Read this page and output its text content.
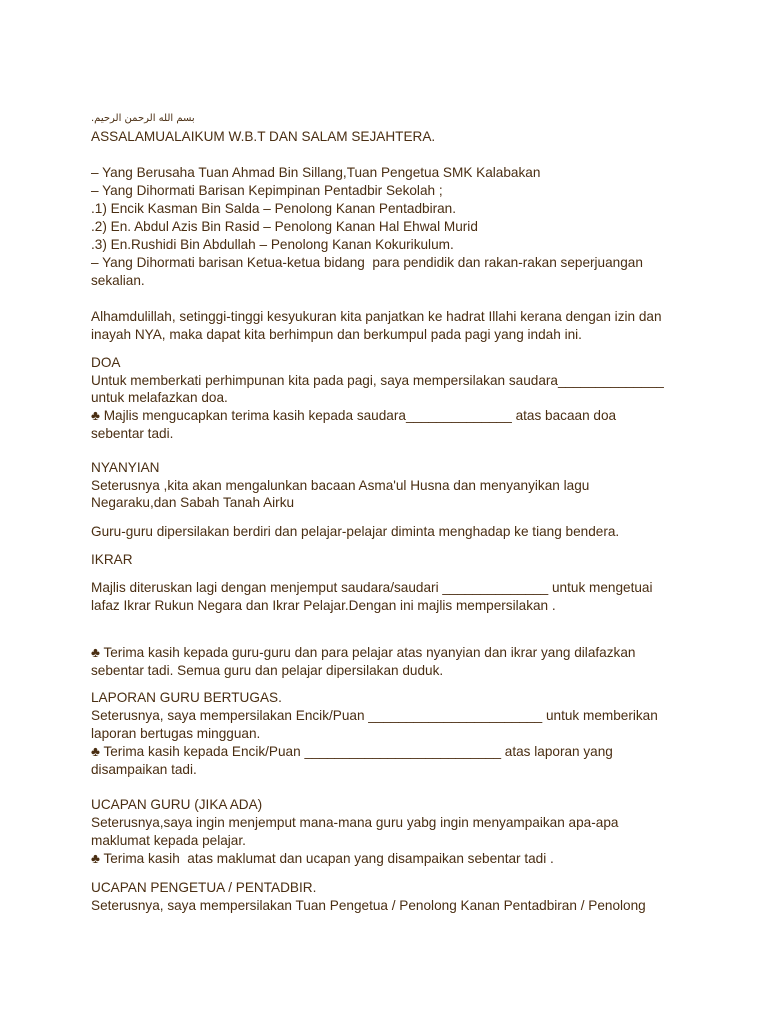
بسم الله الرحمن الرحيم.
ASSALAMUALAIKUM W.B.T DAN SALAM SEJAHTERA.
– Yang Berusaha Tuan Ahmad Bin Sillang,Tuan Pengetua SMK Kalabakan
– Yang Dihormati Barisan Kepimpinan Pentadbir Sekolah ;
.1) Encik Kasman Bin Salda – Penolong Kanan Pentadbiran.
.2) En. Abdul Azis Bin Rasid – Penolong Kanan Hal Ehwal Murid
.3) En.Rushidi Bin Abdullah – Penolong Kanan Kokurikulum.
– Yang Dihormati barisan Ketua-ketua bidang  para pendidik dan rakan-rakan seperjuangan
sekalian.
Alhamdulillah, setinggi-tinggi kesyukuran kita panjatkan ke hadrat Illahi kerana dengan izin dan
inayah NYA, maka dapat kita berhimpun dan berkumpul pada pagi yang indah ini.
DOA
Untuk memberkati perhimpunan kita pada pagi, saya mempersilakan saudara______________
untuk melafazkan doa.
♣ Majlis mengucapkan terima kasih kepada saudara______________ atas bacaan doa
sebentar tadi.
NYANYIAN
Seterusnya ,kita akan mengalunkan bacaan Asma'ul Husna dan menyanyikan lagu
Negaraku,dan Sabah Tanah Airku
Guru-guru dipersilakan berdiri dan pelajar-pelajar diminta menghadap ke tiang bendera.
IKRAR
Majlis diteruskan lagi dengan menjemput saudara/saudari ______________ untuk mengetuai
lafaz Ikrar Rukun Negara dan Ikrar Pelajar.Dengan ini majlis mempersilakan .
♣ Terima kasih kepada guru-guru dan para pelajar atas nyanyian dan ikrar yang dilafazkan
sebentar tadi. Semua guru dan pelajar dipersilakan duduk.
LAPORAN GURU BERTUGAS.
Seterusnya, saya mempersilakan Encik/Puan _______________________ untuk memberikan
laporan bertugas mingguan.
♣ Terima kasih kepada Encik/Puan __________________________ atas laporan yang
disampaikan tadi.
UCAPAN GURU (JIKA ADA)
Seterusnya,saya ingin menjemput mana-mana guru yabg ingin menyampaikan apa-apa
maklumat kepada pelajar.
♣ Terima kasih  atas maklumat dan ucapan yang disampaikan sebentar tadi .
UCAPAN PENGETUA / PENTADBIR.
Seterusnya, saya mempersilakan Tuan Pengetua / Penolong Kanan Pentadbiran / Penolong
